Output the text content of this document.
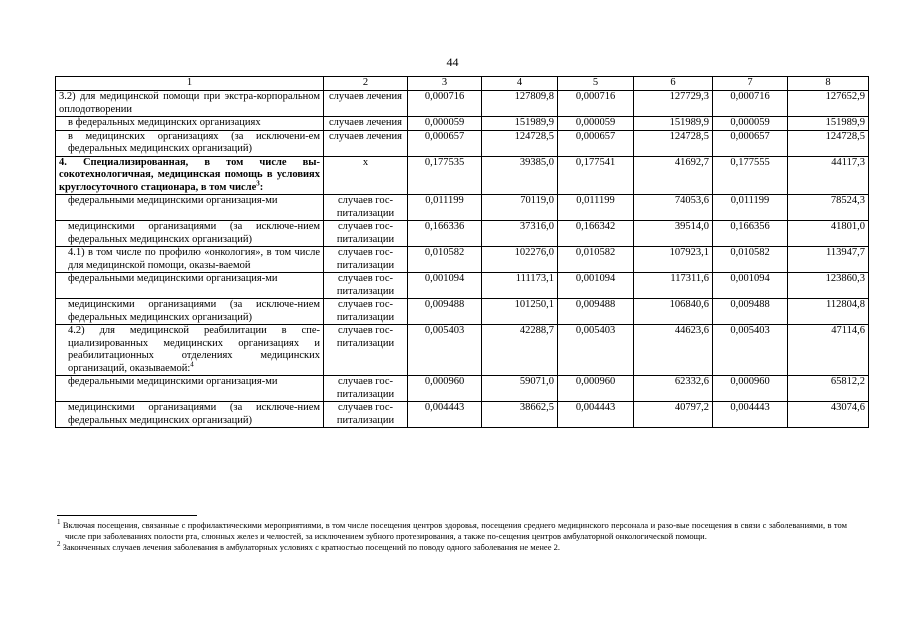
44
1	2	3	4	5	6	7	8
3.2) для медицинской помощи при экстра-корпоральном оплодотворении	случаев лечения	0,000716	127809,8	0,000716	127729,3	0,000716	127652,9
в федеральных медицинских организациях	случаев лечения	0,000059	151989,9	0,000059	151989,9	0,000059	151989,9
в медицинских организациях (за исключени-ем федеральных медицинских организаций)	случаев лечения	0,000657	124728,5	0,000657	124728,5	0,000657	124728,5
4. Специализированная, в том числе вы-сокотехнологичная, медицинская помощь в условиях круглосуточного стационара, в том числе$^3$:	х	0,177535	39385,0	0,177541	41692,7	0,177555	44117,3
федеральными медицинскими организация-ми	случаев гос-питализации	0,011199	70119,0	0,011199	74053,6	0,011199	78524,3
медицинскими организациями (за исключе-нием федеральных медицинских организаций)	случаев гос-питализации	0,166336	37316,0	0,166342	39514,0	0,166356	41801,0
4.1) в том числе по профилю «онкология», в том числе для медицинской помощи, оказы-ваемой	случаев гос-питализации	0,010582	102276,0	0,010582	107923,1	0,010582	113947,7
федеральными медицинскими организация-ми	случаев гос-питализации	0,001094	111173,1	0,001094	117311,6	0,001094	123860,3
медицинскими организациями (за исключе-нием федеральных медицинских организаций)	случаев гос-питализации	0,009488	101250,1	0,009488	106840,6	0,009488	112804,8
4.2) для медицинской реабилитации в спе-циализированных медицинских организациях и реабилитационных отделениях медицинских организаций, оказываемой:$^4$	случаев гос-питализации	0,005403	42288,7	0,005403	44623,6	0,005403	47114,6
федеральными медицинскими организация-ми	случаев гос-питализации	0,000960	59071,0	0,000960	62332,6	0,000960	65812,2
медицинскими организациями (за исключе-нием федеральных медицинских организаций)	случаев гос-питализации	0,004443	38662,5	0,004443	40797,2	0,004443	43074,6

$^1$ Включая посещения, связанные с профилактическими мероприятиями, в том числе посещения центров здоровья, посещения среднего медицинского персонала и разо-вые посещения в связи с заболеваниями, в том числе при заболеваниях полости рта, слюнных желез и челюстей, за исключением зубного протезирования, а также по-сещения центров амбулаторной онкологической помощи.

$^2$ Законченных случаев лечения заболевания в амбулаторных условиях с кратностью посещений по поводу одного заболевания не менее 2.
